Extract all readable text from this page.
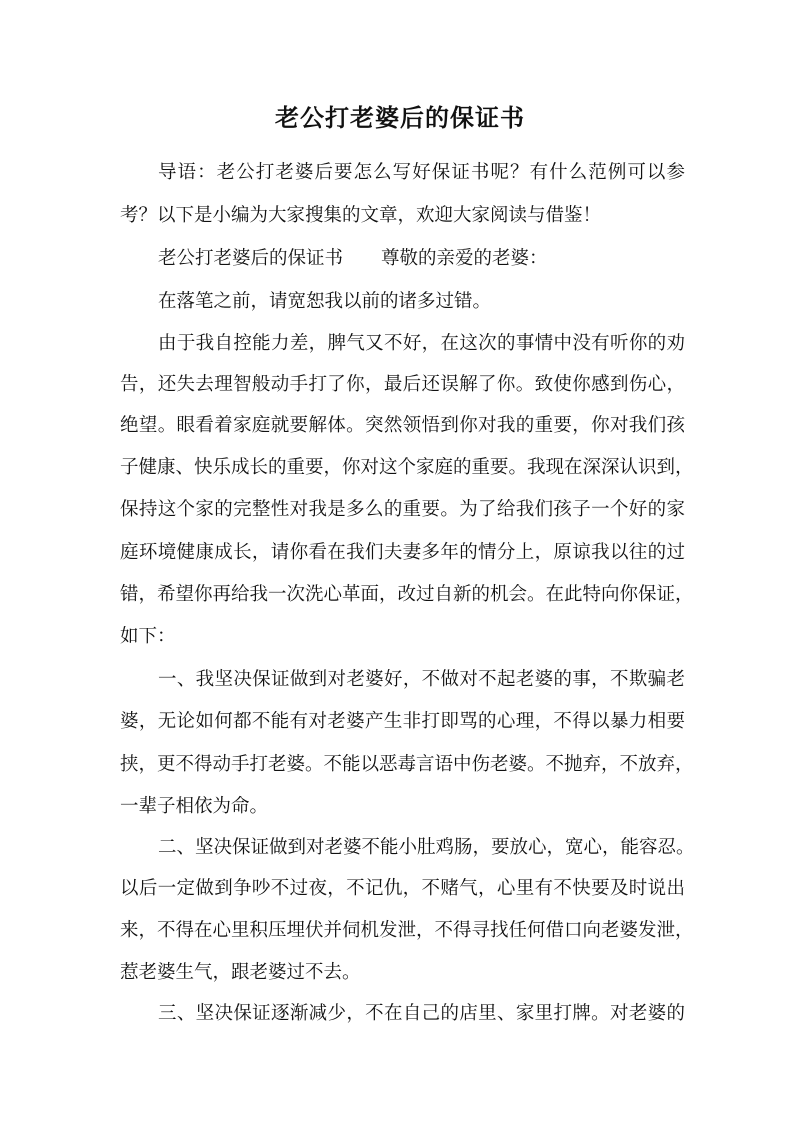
老公打老婆后的保证书
导语：老公打老婆后要怎么写好保证书呢？有什么范例可以参
考？以下是小编为大家搜集的文章，欢迎大家阅读与借鉴！
老公打老婆后的保证书 尊敬的亲爱的老婆：
在落笔之前，请宽恕我以前的诸多过错。
由于我自控能力差，脾气又不好，在这次的事情中没有听你的劝
告，还失去理智般动手打了你，最后还误解了你。致使你感到伤心，
绝望。眼看着家庭就要解体。突然领悟到你对我的重要，你对我们孩
子健康、快乐成长的重要，你对这个家庭的重要。我现在深深认识到，
保持这个家的完整性对我是多么的重要。为了给我们孩子一个好的家
庭环境健康成长，请你看在我们夫妻多年的情分上，原谅我以往的过
错，希望你再给我一次洗心革面，改过自新的机会。在此特向你保证，
如下：
一、我坚决保证做到对老婆好，不做对不起老婆的事，不欺骗老
婆，无论如何都不能有对老婆产生非打即骂的心理，不得以暴力相要
挟，更不得动手打老婆。不能以恶毒言语中伤老婆。不抛弃，不放弃，
一辈子相依为命。
二、坚决保证做到对老婆不能小肚鸡肠，要放心，宽心，能容忍。
以后一定做到争吵不过夜，不记仇，不赌气，心里有不快要及时说出
来，不得在心里积压埋伏并伺机发泄，不得寻找任何借口向老婆发泄，
惹老婆生气，跟老婆过不去。
三、坚决保证逐渐减少，不在自己的店里、家里打牌。对老婆的
